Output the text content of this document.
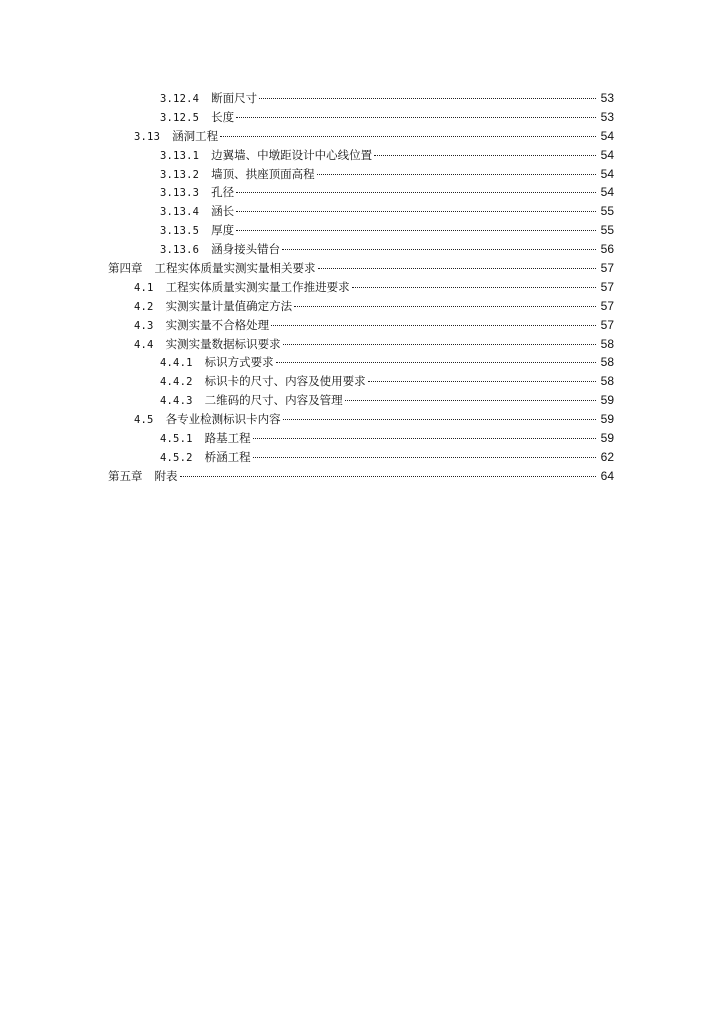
3.12.4 断面尺寸	53
3.12.5 长度	53
3.13 涵洞工程	54
3.13.1 边翼墙、中墩距设计中心线位置	54
3.13.2 墙顶、拱座顶面高程	54
3.13.3 孔径	54
3.13.4 涵长	55
3.13.5 厚度	55
3.13.6 涵身接头错台	56
第四章 工程实体质量实测实量相关要求	57
4.1 工程实体质量实测实量工作推进要求	57
4.2 实测实量计量值确定方法	57
4.3 实测实量不合格处理	57
4.4 实测实量数据标识要求	58
4.4.1 标识方式要求	58
4.4.2 标识卡的尺寸、内容及使用要求	58
4.4.3 二维码的尺寸、内容及管理	59
4.5 各专业检测标识卡内容	59
4.5.1 路基工程	59
4.5.2 桥涵工程	62
第五章 附表	64
